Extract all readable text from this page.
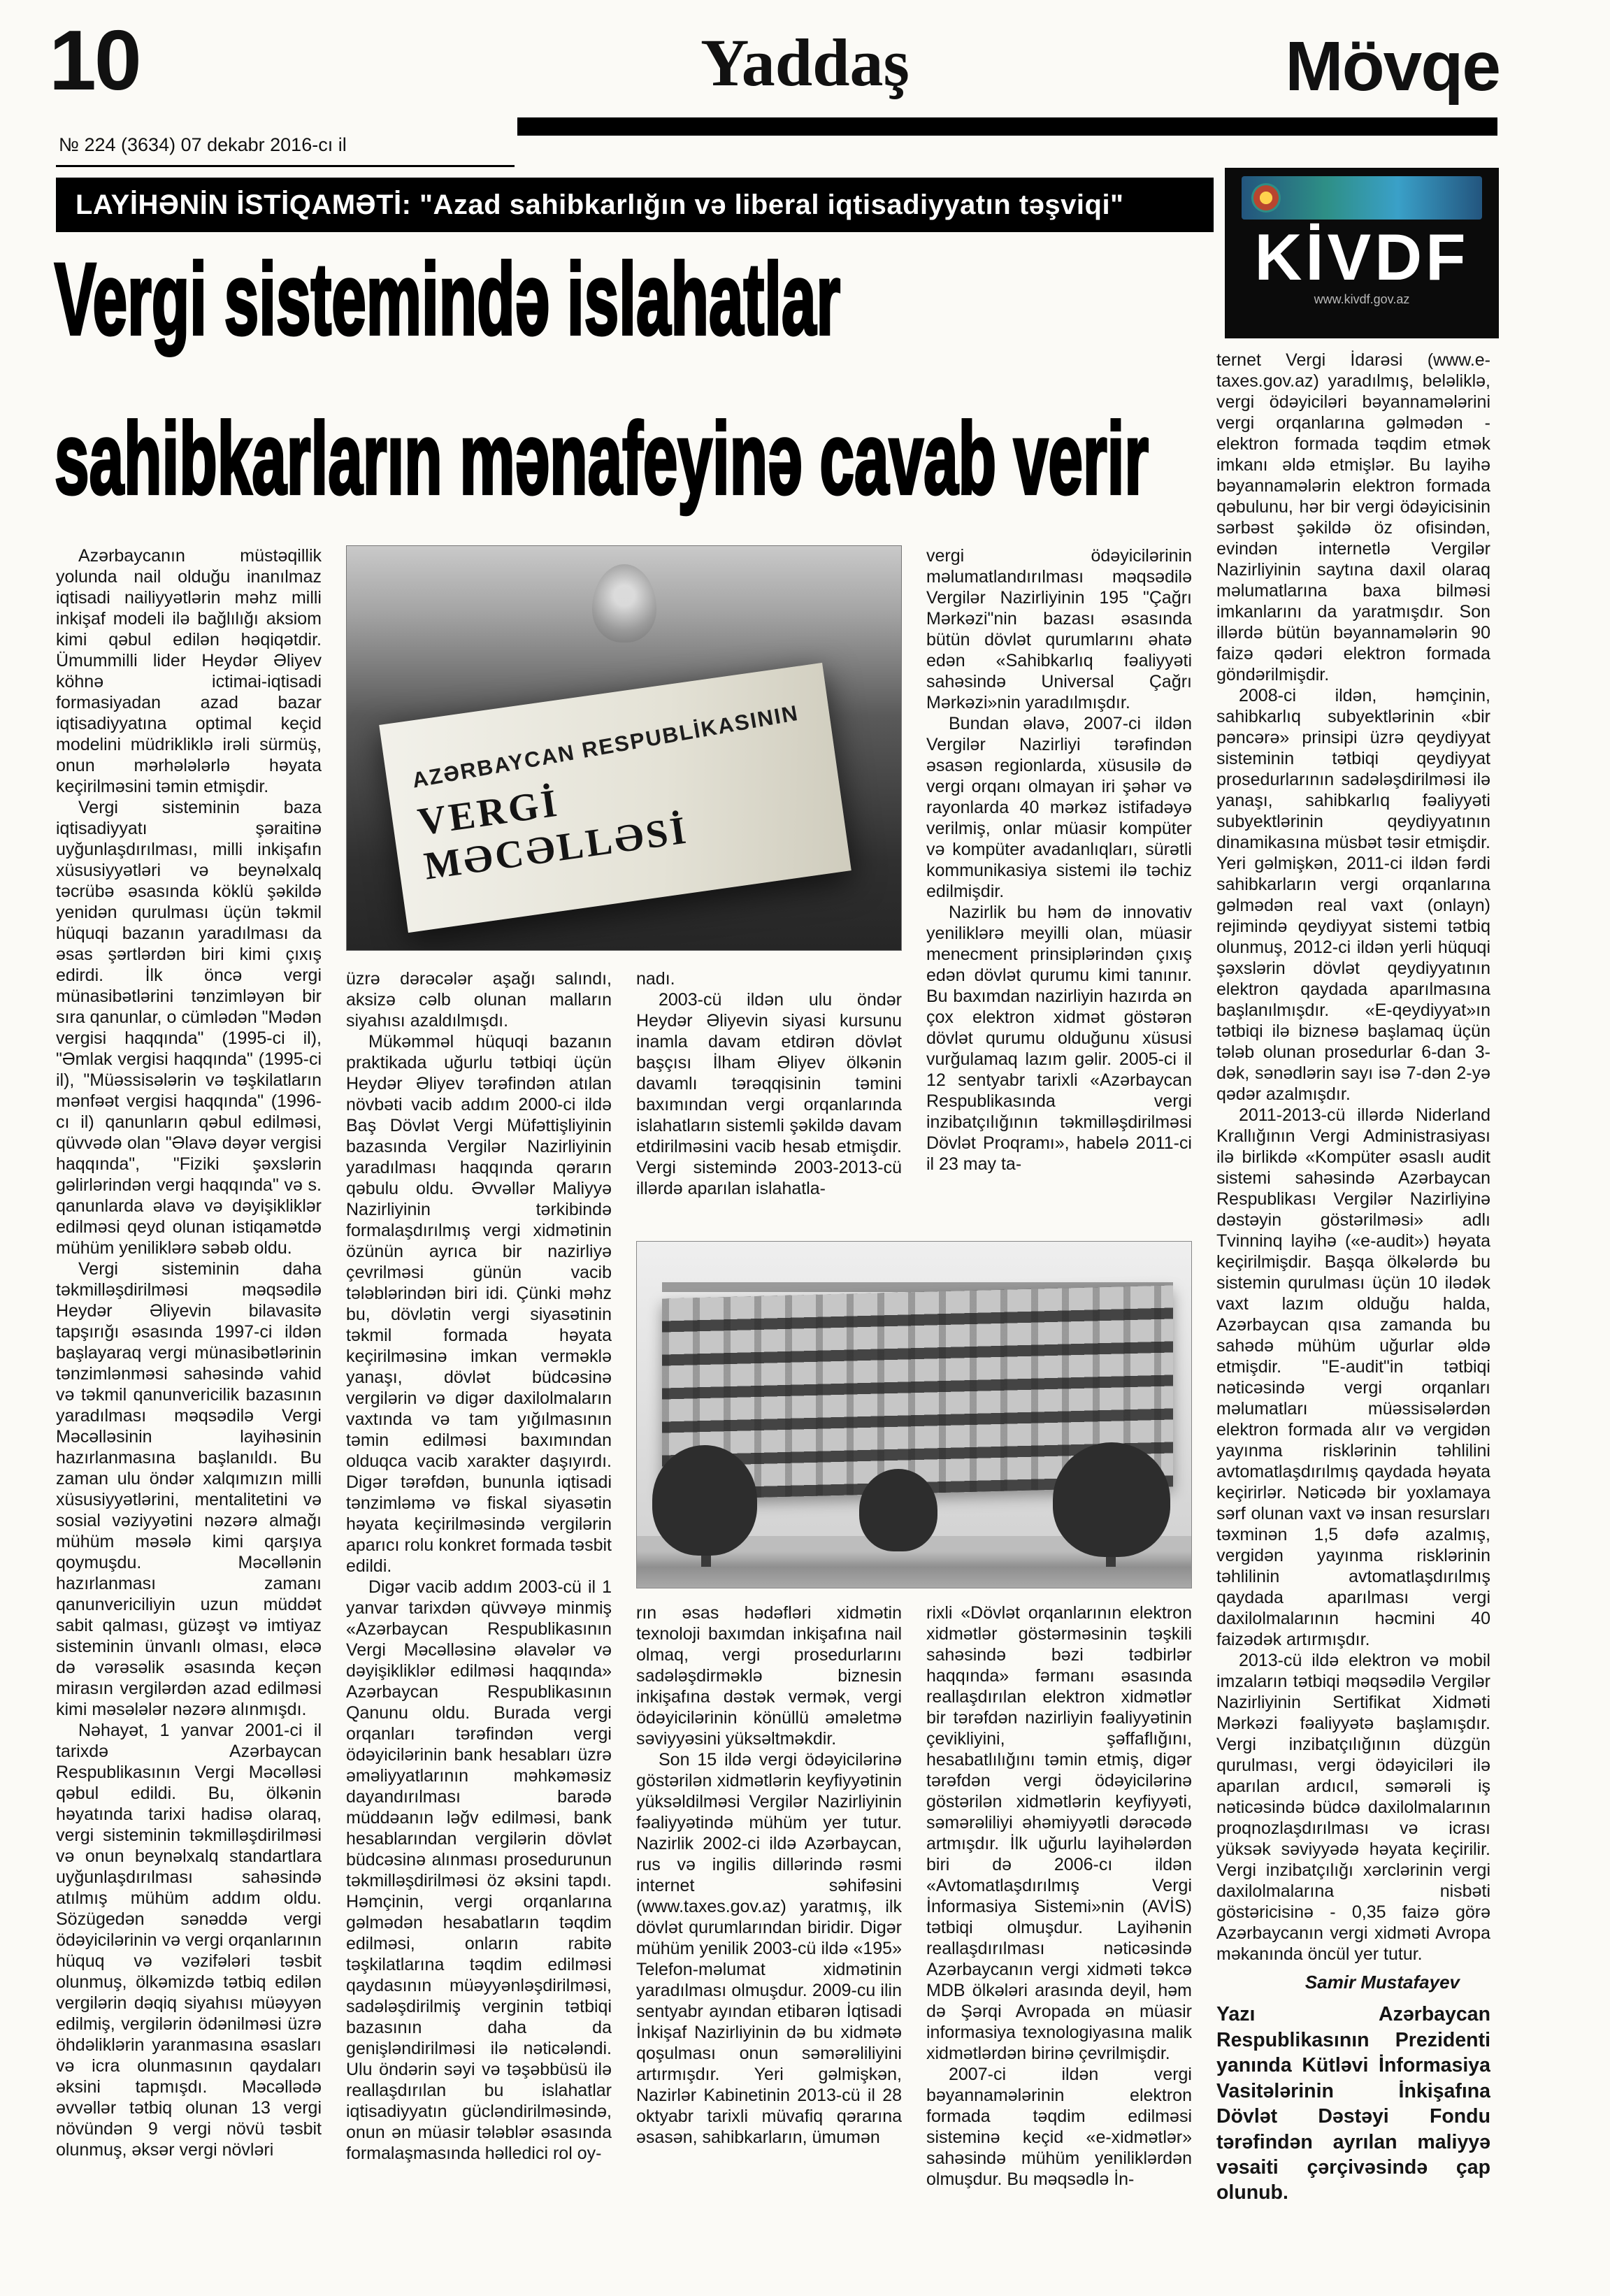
10	Yaddaş	Mövqe
№ 224 (3634) 07 dekabr 2016-cı il
LAYİHƏNİN İSTİQAMƏTİ: "Azad sahibkarlığın və liberal iqtisadiyyatın təşviqi"
KİVDF
www.kivdf.gov.az
Vergi sistemində islahatlar
sahibkarların mənafeyinə cavab verir

Azərbaycanın müstəqillik yolunda nail olduğu inanılmaz iqtisadi nailiyyətlərin məhz milli inkişaf modeli ilə bağlılığı aksiom kimi qəbul edilən həqiqətdir. Ümummilli lider Heydər Əliyev köhnə ictimai-iqtisadi formasiyadan azad bazar iqtisadiyyatına optimal keçid modelini müdrikliklə irəli sürmüş, onun mərhələlərlə həyata keçirilməsini təmin etmişdir.

Vergi sisteminin baza iqtisadiyyatı şəraitinə uyğunlaşdırılması, milli inkişafın xüsusiyyətləri və beynəlxalq təcrübə əsasında köklü şəkildə yenidən qurulması üçün təkmil hüquqi bazanın yaradılması da əsas şərtlərdən biri kimi çıxış edirdi. İlk öncə vergi münasibətlərini tənzimləyən bir sıra qanunlar, o cümlədən "Mədən vergisi haqqında" (1995-ci il), "Əmlak vergisi haqqında" (1995-ci il), "Müəssisələrin və təşkilatların mənfəət vergisi haqqında" (1996-cı il) qanunların qəbul edilməsi, qüvvədə olan "Əlavə dəyər vergisi haqqında", "Fiziki şəxslərin gəlirlərindən vergi haqqında" və s. qanunlarda əlavə və dəyişikliklər edilməsi qeyd olunan istiqamətdə mühüm yeniliklərə səbəb oldu.

Vergi sisteminin daha təkmilləşdirilməsi məqsədilə Heydər Əliyevin bilavasitə tapşırığı əsasında 1997-ci ildən başlayaraq vergi münasibətlərinin tənzimlənməsi sahəsində vahid və təkmil qanunvericilik bazasının yaradılması məqsədilə Vergi Məcəlləsinin layihəsinin hazırlanmasına başlanıldı. Bu zaman ulu öndər xalqımızın milli xüsusiyyətlərini, mentalitetini və sosial vəziyyətini nəzərə almağı mühüm məsələ kimi qarşıya qoymuşdu. Məcəllənin hazırlanması zamanı qanunvericiliyin uzun müddət sabit qalması, güzəşt və imtiyaz sisteminin ünvanlı olması, eləcə də vərəsəlik əsasında keçən mirasın vergilərdən azad edilməsi kimi məsələlər nəzərə alınmışdı.

Nəhayət, 1 yanvar 2001-ci il tarixdə Azərbaycan Respublikasının Vergi Məcəlləsi qəbul edildi. Bu, ölkənin həyatında tarixi hadisə olaraq, vergi sisteminin təkmilləşdirilməsi və onun beynəlxalq standartlara uyğunlaşdırılması sahəsində atılmış mühüm addım oldu. Sözügedən sənəddə vergi ödəyicilərinin və vergi orqanlarının hüquq və vəzifələri təsbit olunmuş, ölkəmizdə tətbiq edilən vergilərin dəqiq siyahısı müəyyən edilmiş, vergilərin ödənilməsi üzrə öhdəliklərin yaranmasına əsasları və icra olunmasının qaydaları əksini tapmışdı. Məcəllədə əvvəllər tətbiq olunan 13 vergi növündən 9 vergi növü təsbit olunmuş, əksər vergi növləri

AZƏRBAYCAN RESPUBLİKASININ
VERGİ MƏCƏLLƏSİ

üzrə dərəcələr aşağı salındı, aksizə cəlb olunan malların siyahısı azaldılmışdı.

Mükəmməl hüquqi bazanın praktikada uğurlu tətbiqi üçün Heydər Əliyev tərəfindən atılan növbəti vacib addım 2000-ci ildə Baş Dövlət Vergi Müfəttişliyinin bazasında Vergilər Nazirliyinin yaradılması haqqında qərarın qəbulu oldu. Əvvəllər Maliyyə Nazirliyinin tərkibində formalaşdırılmış vergi xidmətinin özünün ayrıca bir nazirliyə çevrilməsi günün vacib tələblərindən biri idi. Çünki məhz bu, dövlətin vergi siyasətinin təkmil formada həyata keçirilməsinə imkan verməklə yanaşı, dövlət büdcəsinə vergilərin və digər daxilolmaların vaxtında və tam yığılmasının təmin edilməsi baxımından olduqca vacib xarakter daşıyırdı. Digər tərəfdən, bununla iqtisadi tənzimləmə və fiskal siyasətin həyata keçirilməsində vergilərin aparıcı rolu konkret formada təsbit edildi.

Digər vacib addım 2003-cü il 1 yanvar tarixdən qüvvəyə minmiş «Azərbaycan Respublikasının Vergi Məcəlləsinə əlavələr və dəyişikliklər edilməsi haqqında» Azərbaycan Respublikasının Qanunu oldu. Burada vergi orqanları tərəfindən vergi ödəyicilərinin bank hesabları üzrə əməliyyatlarının məhkəməsiz dayandırılması barədə müddəanın ləğv edilməsi, bank hesablarından vergilərin dövlət büdcəsinə alınması prosedurunun təkmilləşdirilməsi öz əksini tapdı. Həmçinin, vergi orqanlarına gəlmədən hesabatların təqdim edilməsi, onların rabitə təşkilatlarına təqdim edilməsi qaydasının müəyyənləşdirilməsi, sadələşdirilmiş verginin tətbiqi bazasının daha da genişləndirilməsi ilə nəticələndi. Ulu öndərin səyi və təşəbbüsü ilə reallaşdırılan bu islahatlar iqtisadiyyatın gücləndirilməsində, onun ən müasir tələblər əsasında formalaşmasında həlledici rol oy-

nadı.

2003-cü ildən ulu öndər Heydər Əliyevin siyasi kursunu inamla davam etdirən dövlət başçısı İlham Əliyev ölkənin davamlı tərəqqisinin təmini baxımından vergi orqanlarında islahatların sistemli şəkildə davam etdirilməsini vacib hesab etmişdir. Vergi sistemində 2003-2013-cü illərdə aparılan islahatla-

rın əsas hədəfləri xidmətin texnoloji baxımdan inkişafına nail olmaq, vergi prosedurlarını sadələşdirməklə biznesin inkişafına dəstək vermək, vergi ödəyicilərinin könüllü əməletmə səviyyəsini yüksəltməkdir.

Son 15 ildə vergi ödəyicilərinə göstərilən xidmətlərin keyfiyyətinin yüksəldilməsi Vergilər Nazirliyinin fəaliyyətində mühüm yer tutur. Nazirlik 2002-ci ildə Azərbaycan, rus və ingilis dillərində rəsmi internet səhifəsini (www.taxes.gov.az) yaratmış, ilk dövlət qurumlarından biridir. Digər mühüm yenilik 2003-cü ildə «195» Telefon-məlumat xidmətinin yaradılması olmuşdur. 2009-cu ilin sentyabr ayından etibarən İqtisadi İnkişaf Nazirliyinin də bu xidmətə qoşulması onun səmərəliliyini artırmışdır. Yeri gəlmişkən, Nazirlər Kabinetinin 2013-cü il 28 oktyabr tarixli müvafiq qərarına əsasən, sahibkarların, ümumən

vergi ödəyicilərinin məlumatlandırılması məqsədilə Vergilər Nazirliyinin 195 "Çağrı Mərkəzi"nin bazası əsasında bütün dövlət qurumlarını əhatə edən «Sahibkarlıq fəaliyyəti sahəsində Universal Çağrı Mərkəzi»nin yaradılmışdır.

Bundan əlavə, 2007-ci ildən Vergilər Nazirliyi tərəfindən əsasən regionlarda, xüsusilə də vergi orqanı olmayan iri şəhər və rayonlarda 40 mərkəz istifadəyə verilmiş, onlar müasir kompüter və kompüter avadanlıqları, sürətli kommunikasiya sistemi ilə təchiz edilmişdir.

Nazirlik bu həm də innovativ yeniliklərə meyilli olan, müasir menecment prinsiplərindən çıxış edən dövlət qurumu kimi tanınır. Bu baxımdan nazirliyin hazırda ən çox elektron xidmət göstərən dövlət qurumu olduğunu xüsusi vurğulamaq lazım gəlir. 2005-ci il 12 sentyabr tarixli «Azərbaycan Respublikasında vergi inzibatçılığının təkmilləşdirilməsi Dövlət Proqramı», habelə 2011-ci il 23 may ta-

rixli «Dövlət orqanlarının elektron xidmətlər göstərməsinin təşkili sahəsində bəzi tədbirlər haqqında» fərmanı əsasında reallaşdırılan elektron xidmətlər bir tərəfdən nazirliyin fəaliyyətinin çevikliyini, şəffaflığını, hesabatlılığını təmin etmiş, digər tərəfdən vergi ödəyicilərinə göstərilən xidmətlərin keyfiyyəti, səmərəliliyi əhəmiyyətli dərəcədə artmışdır. İlk uğurlu layihələrdən biri də 2006-cı ildən «Avtomatlaşdırılmış Vergi İnformasiya Sistemi»nin (AVİS) tətbiqi olmuşdur. Layihənin reallaşdırılması nəticəsində Azərbaycanın vergi xidməti təkcə MDB ölkələri arasında deyil, həm də Şərqi Avropada ən müasir informasiya texnologiyasına malik xidmətlərdən birinə çevrilmişdir.

2007-ci ildən vergi bəyannamələrinin elektron formada təqdim edilməsi sisteminə keçid «e-xidmətlər» sahəsində mühüm yeniliklərdən olmuşdur. Bu məqsədlə İn-

ternet Vergi İdarəsi (www.e-taxes.gov.az) yaradılmış, beləliklə, vergi ödəyiciləri bəyannamələrini vergi orqanlarına gəlmədən - elektron formada təqdim etmək imkanı əldə etmişlər. Bu layihə bəyannamələrin elektron formada qəbulunu, hər bir vergi ödəyicisinin sərbəst şəkildə öz ofisindən, evindən internetlə Vergilər Nazirliyinin saytına daxil olaraq məlumatlarına baxa bilməsi imkanlarını da yaratmışdır. Son illərdə bütün bəyannamələrin 90 faizə qədəri elektron formada göndərilmişdir.

2008-ci ildən, həmçinin, sahibkarlıq subyektlərinin «bir pəncərə» prinsipi üzrə qeydiyyat sisteminin tətbiqi qeydiyyat prosedurlarının sadələşdirilməsi ilə yanaşı, sahibkarlıq fəaliyyəti subyektlərinin qeydiyyatının dinamikasına müsbət təsir etmişdir. Yeri gəlmişkən, 2011-ci ildən fərdi sahibkarların vergi orqanlarına gəlmədən real vaxt (onlayn) rejimində qeydiyyat sistemi tətbiq olunmuş, 2012-ci ildən yerli hüquqi şəxslərin dövlət qeydiyyatının elektron qaydada aparılmasına başlanılmışdır. «E-qeydiyyat»ın tətbiqi ilə biznesə başlamaq üçün tələb olunan prosedurlar 6-dan 3-dək, sənədlərin sayı isə 7-dən 2-yə qədər azalmışdır.

2011-2013-cü illərdə Niderland Krallığının Vergi Administrasiyası ilə birlikdə «Kompüter əsaslı audit sistemi sahəsində Azərbaycan Respublikası Vergilər Nazirliyinə dəstəyin göstərilməsi» adlı Tvinninq layihə («e-audit») həyata keçirilmişdir. Başqa ölkələrdə bu sistemin qurulması üçün 10 ilədək vaxt lazım olduğu halda, Azərbaycan qısa zamanda bu sahədə mühüm uğurlar əldə etmişdir. "E-audit"in tətbiqi nəticəsində vergi orqanları məlumatları müəssisələrdən elektron formada alır və vergidən yayınma risklərinin təhlilini avtomatlaşdırılmış qaydada həyata keçirirlər. Nəticədə bir yoxlamaya sərf olunan vaxt və insan resursları təxminən 1,5 dəfə azalmış, vergidən yayınma risklərinin təhlilinin avtomatlaşdırılmış qaydada aparılması vergi daxilolmalarının həcmini 40 faizədək artırmışdır.

2013-cü ildə elektron və mobil imzaların tətbiqi məqsədilə Vergilər Nazirliyinin Sertifikat Xidməti Mərkəzi fəaliyyətə başlamışdır. Vergi inzibatçılığının düzgün qurulması, vergi ödəyiciləri ilə aparılan ardıcıl, səmərəli iş nəticəsində büdcə daxilolmalarının proqnozlaşdırılması və icrası yüksək səviyyədə həyata keçirilir. Vergi inzibatçılığı xərclərinin vergi daxilolmalarına nisbəti göstəricisinə - 0,35 faizə görə Azərbaycanın vergi xidməti Avropa məkanında öncül yer tutur.

Samir Mustafayev
Yazı Azərbaycan Respublikasının Prezidenti yanında Kütləvi İnformasiya Vasitələrinin İnkişafına Dövlət Dəstəyi Fondu tərəfindən ayrılan maliyyə vəsaiti çərçivəsində çap olunub.
